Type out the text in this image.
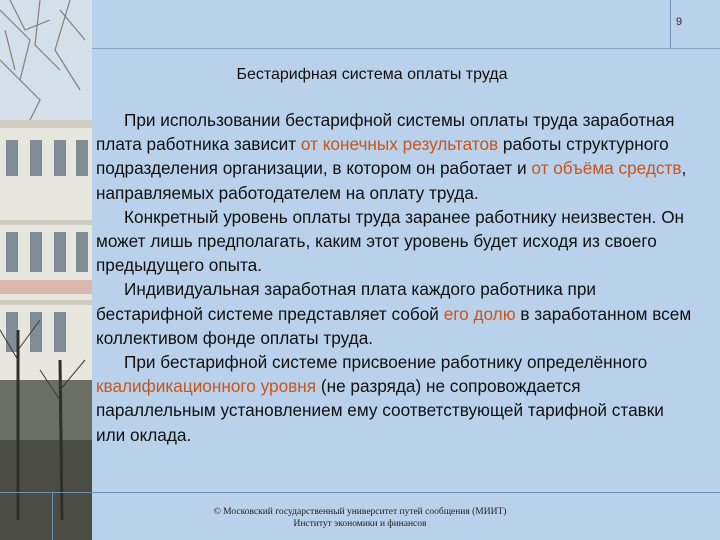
9
Бестарифная система оплаты труда

При использовании бестарифной системы оплаты труда заработная плата работника зависит от конечных результатов работы структурного подразделения организации, в котором он работает и от объёма средств, направляемых работодателем на оплату труда.

Конкретный уровень оплаты труда заранее работнику неизвестен. Он может лишь предполагать, каким этот уровень будет исходя из своего предыдущего опыта.

Индивидуальная заработная плата каждого работника при бестарифной системе представляет собой его долю в заработанном всем коллективом фонде оплаты труда.

При бестарифной системе присвоение работнику определённого квалификационного уровня (не разряда) не сопровождается параллельным установлением ему соответствующей тарифной ставки или оклада.

© Московский государственный университет путей сообщения (МИИТ)
Институт экономики и финансов
